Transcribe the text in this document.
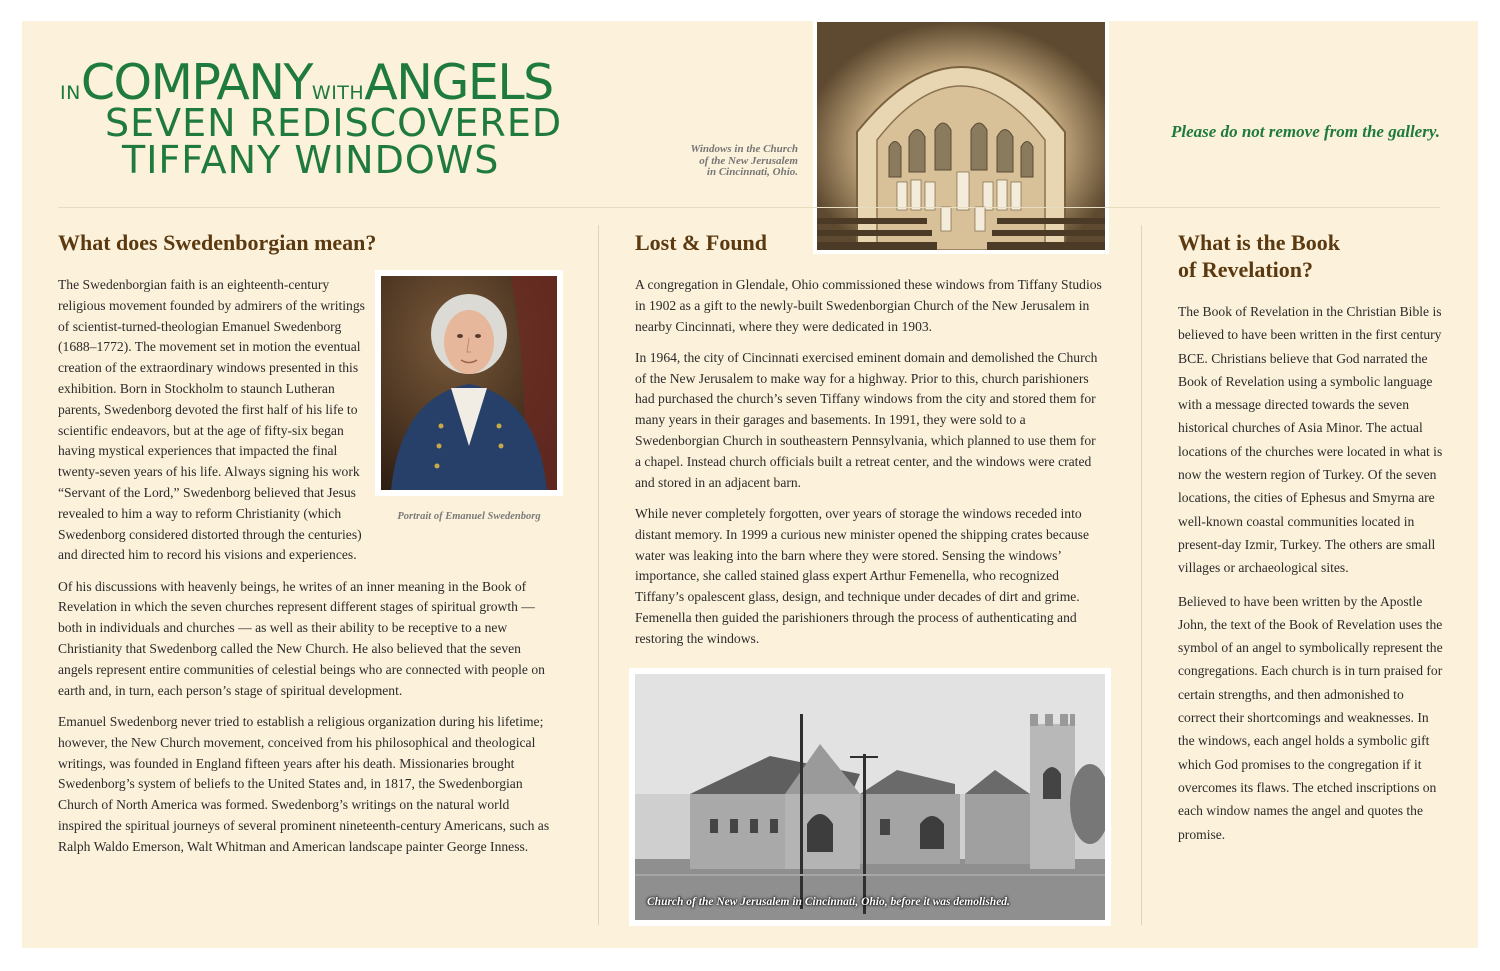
IN COMPANY WITH ANGELS
SEVEN REDISCOVERED
TIFFANY WINDOWS	Windows in the Church
of the New Jerusalem
in Cincinnati, Ohio.
Please do not remove from the gallery.
What does Swedenborgian mean?
Portrait of Emanuel Swedenborg

The Swedenborgian faith is an eighteenth-century religious movement founded by admirers of the writings of scientist-turned-theologian Emanuel Swedenborg (1688–1772). The movement set in motion the eventual creation of the extraordinary windows presented in this exhibition. Born in Stockholm to staunch Lutheran parents, Swedenborg devoted the first half of his life to scientific endeavors, but at the age of fifty-six began having mystical experiences that impacted the final twenty-seven years of his life. Always signing his work “Servant of the Lord,” Swedenborg believed that Jesus revealed to him a way to reform Christianity (which Swedenborg considered distorted through the centuries) and directed him to record his visions and experiences.

Of his discussions with heavenly beings, he writes of an inner meaning in the Book of Revelation in which the seven churches represent different stages of spiritual growth — both in individuals and churches — as well as their ability to be receptive to a new Christianity that Swedenborg called the New Church. He also believed that the seven angels represent entire communities of celestial beings who are connected with people on earth and, in turn, each person’s stage of spiritual development.

Emanuel Swedenborg never tried to establish a religious organization during his lifetime; however, the New Church movement, conceived from his philosophical and theological writings, was founded in England fifteen years after his death. Missionaries brought Swedenborg’s system of beliefs to the United States and, in 1817, the Swedenborgian Church of North America was formed. Swedenborg’s writings on the natural world inspired the spiritual journeys of several prominent nineteenth-century Americans, such as Ralph Waldo Emerson, Walt Whitman and American landscape painter George Inness.

Lost & Found

A congregation in Glendale, Ohio commissioned these windows from Tiffany Studios in 1902 as a gift to the newly-built Swedenborgian Church of the New Jerusalem in nearby Cincinnati, where they were dedicated in 1903.

In 1964, the city of Cincinnati exercised eminent domain and demolished the Church of the New Jerusalem to make way for a highway. Prior to this, church parishioners had purchased the church’s seven Tiffany windows from the city and stored them for many years in their garages and basements. In 1991, they were sold to a Swedenborgian Church in southeastern Pennsylvania, which planned to use them for a chapel. Instead church officials built a retreat center, and the windows were crated and stored in an adjacent barn.

While never completely forgotten, over years of storage the windows receded into distant memory. In 1999 a curious new minister opened the shipping crates because water was leaking into the barn where they were stored. Sensing the windows’ importance, she called stained glass expert Arthur Femenella, who recognized Tiffany’s opalescent glass, design, and technique under decades of dirt and grime. Femenella then guided the parishioners through the process of authenticating and restoring the windows.

Church of the New Jerusalem in Cincinnati, Ohio, before it was demolished.
What is the Book
of Revelation?

The Book of Revelation in the Christian Bible is believed to have been written in the first century BCE. Christians believe that God narrated the Book of Revelation using a symbolic language with a message directed towards the seven historical churches of Asia Minor. The actual locations of the churches were located in what is now the western region of Turkey. Of the seven locations, the cities of Ephesus and Smyrna are well-known coastal communities located in present-day Izmir, Turkey. The others are small villages or archaeological sites.

Believed to have been written by the Apostle John, the text of the Book of Revelation uses the symbol of an angel to symbolically represent the congregations. Each church is in turn praised for certain strengths, and then admonished to correct their shortcomings and weaknesses. In the windows, each angel holds a symbolic gift which God promises to the congregation if it overcomes its flaws. The etched inscriptions on each window names the angel and quotes the promise.
